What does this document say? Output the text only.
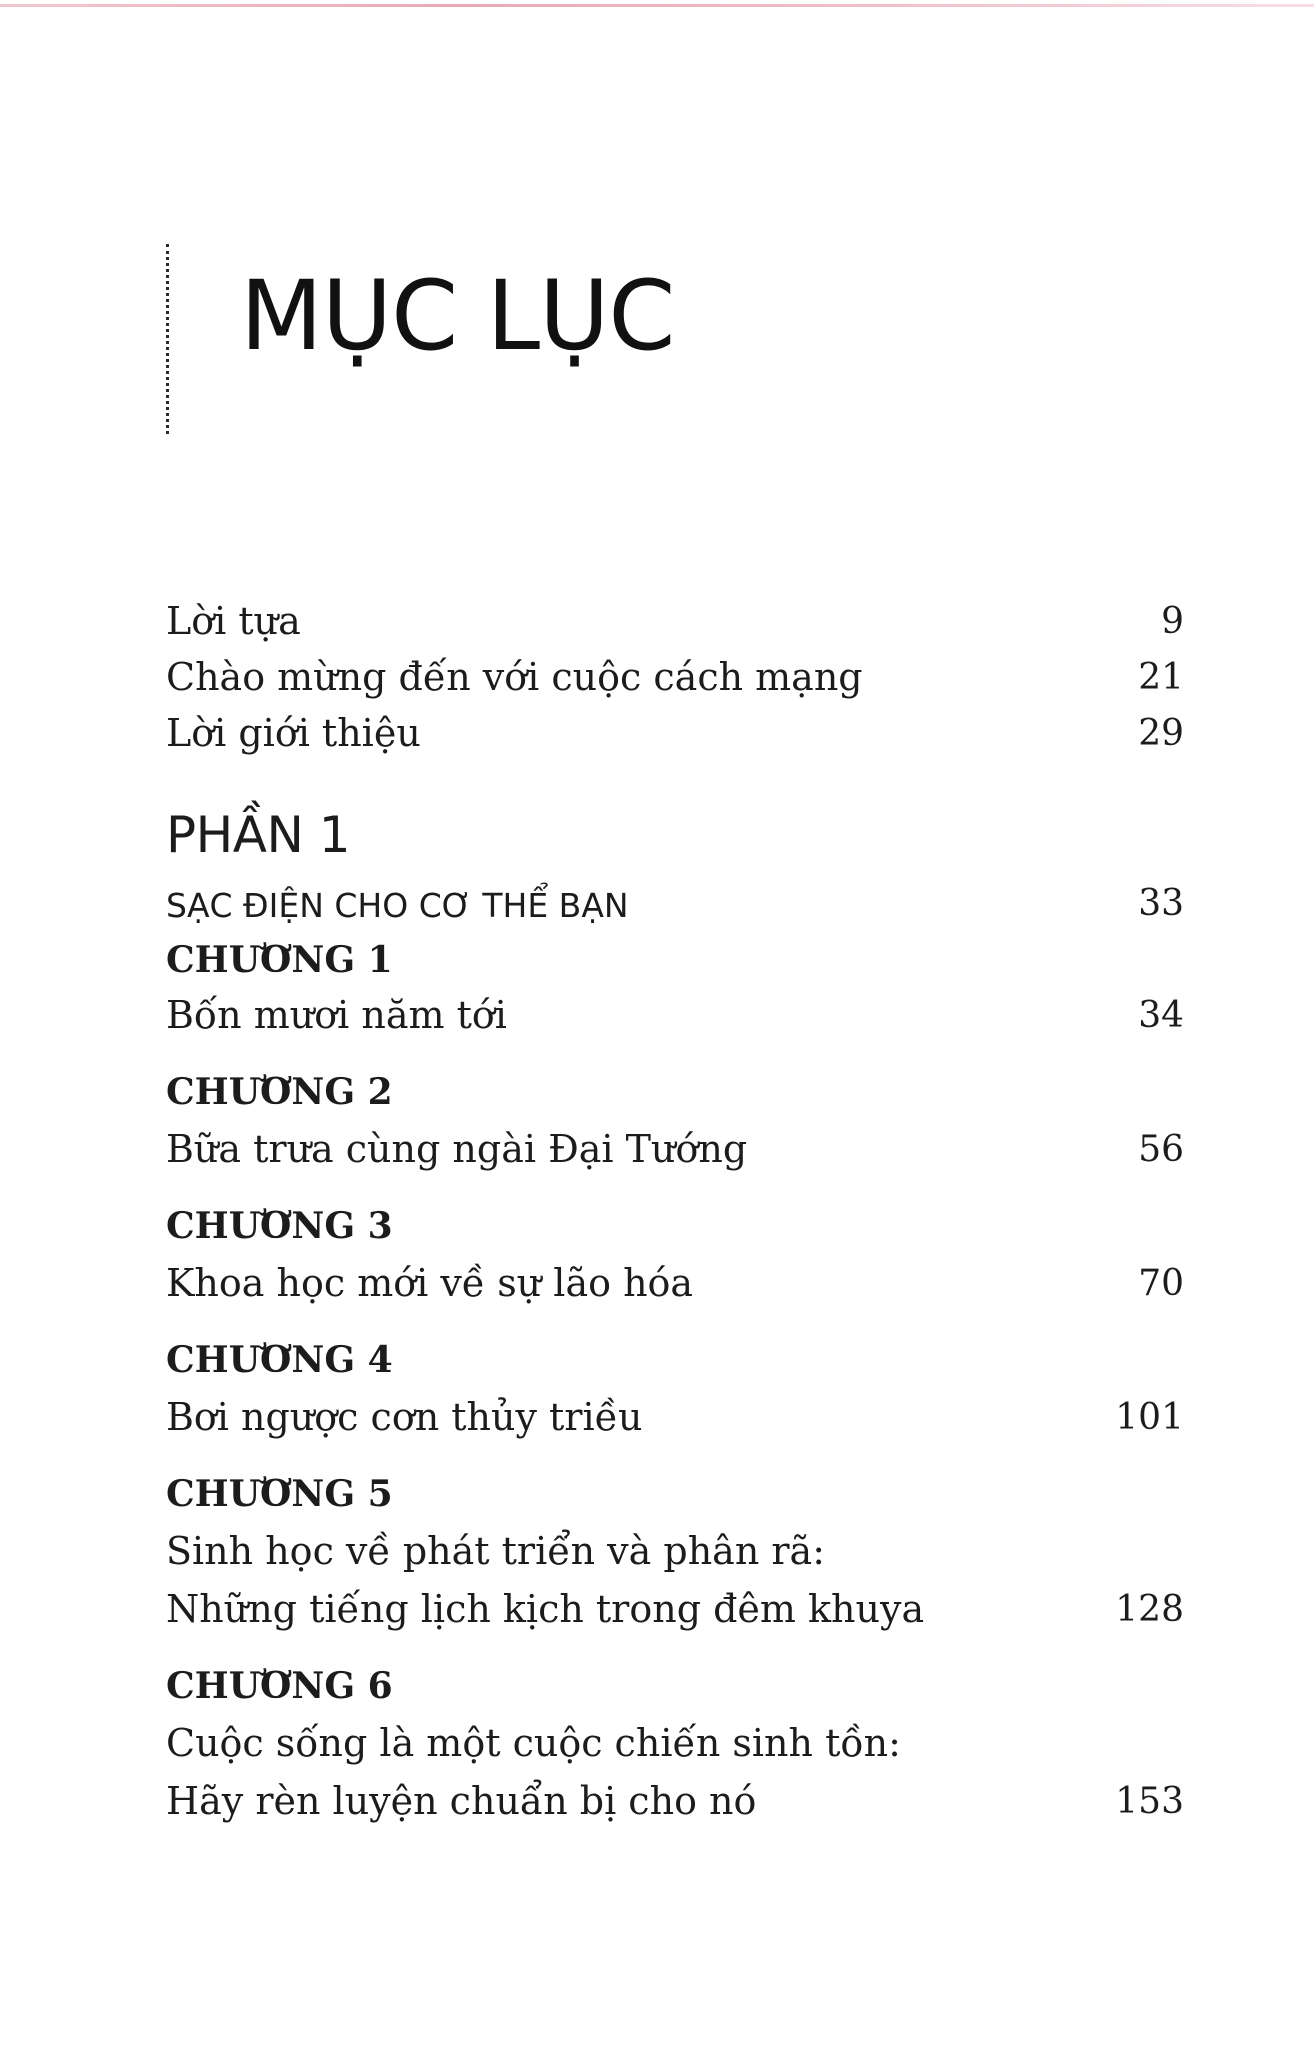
MỤC LỤC
Lời tựa	9
Chào mừng đến với cuộc cách mạng	21
Lời giới thiệu	29
PHẦN 1
SẠC ĐIỆN CHO CƠ THỂ BẠN	33
CHƯƠNG 1
Bốn mươi năm tới	34
CHƯƠNG 2
Bữa trưa cùng ngài Đại Tướng	56
CHƯƠNG 3
Khoa học mới về sự lão hóa	70
CHƯƠNG 4
Bơi ngược cơn thủy triều	101
CHƯƠNG 5
Sinh học về phát triển và phân rã:
Những tiếng lịch kịch trong đêm khuya	128
CHƯƠNG 6
Cuộc sống là một cuộc chiến sinh tồn:
Hãy rèn luyện chuẩn bị cho nó	153
